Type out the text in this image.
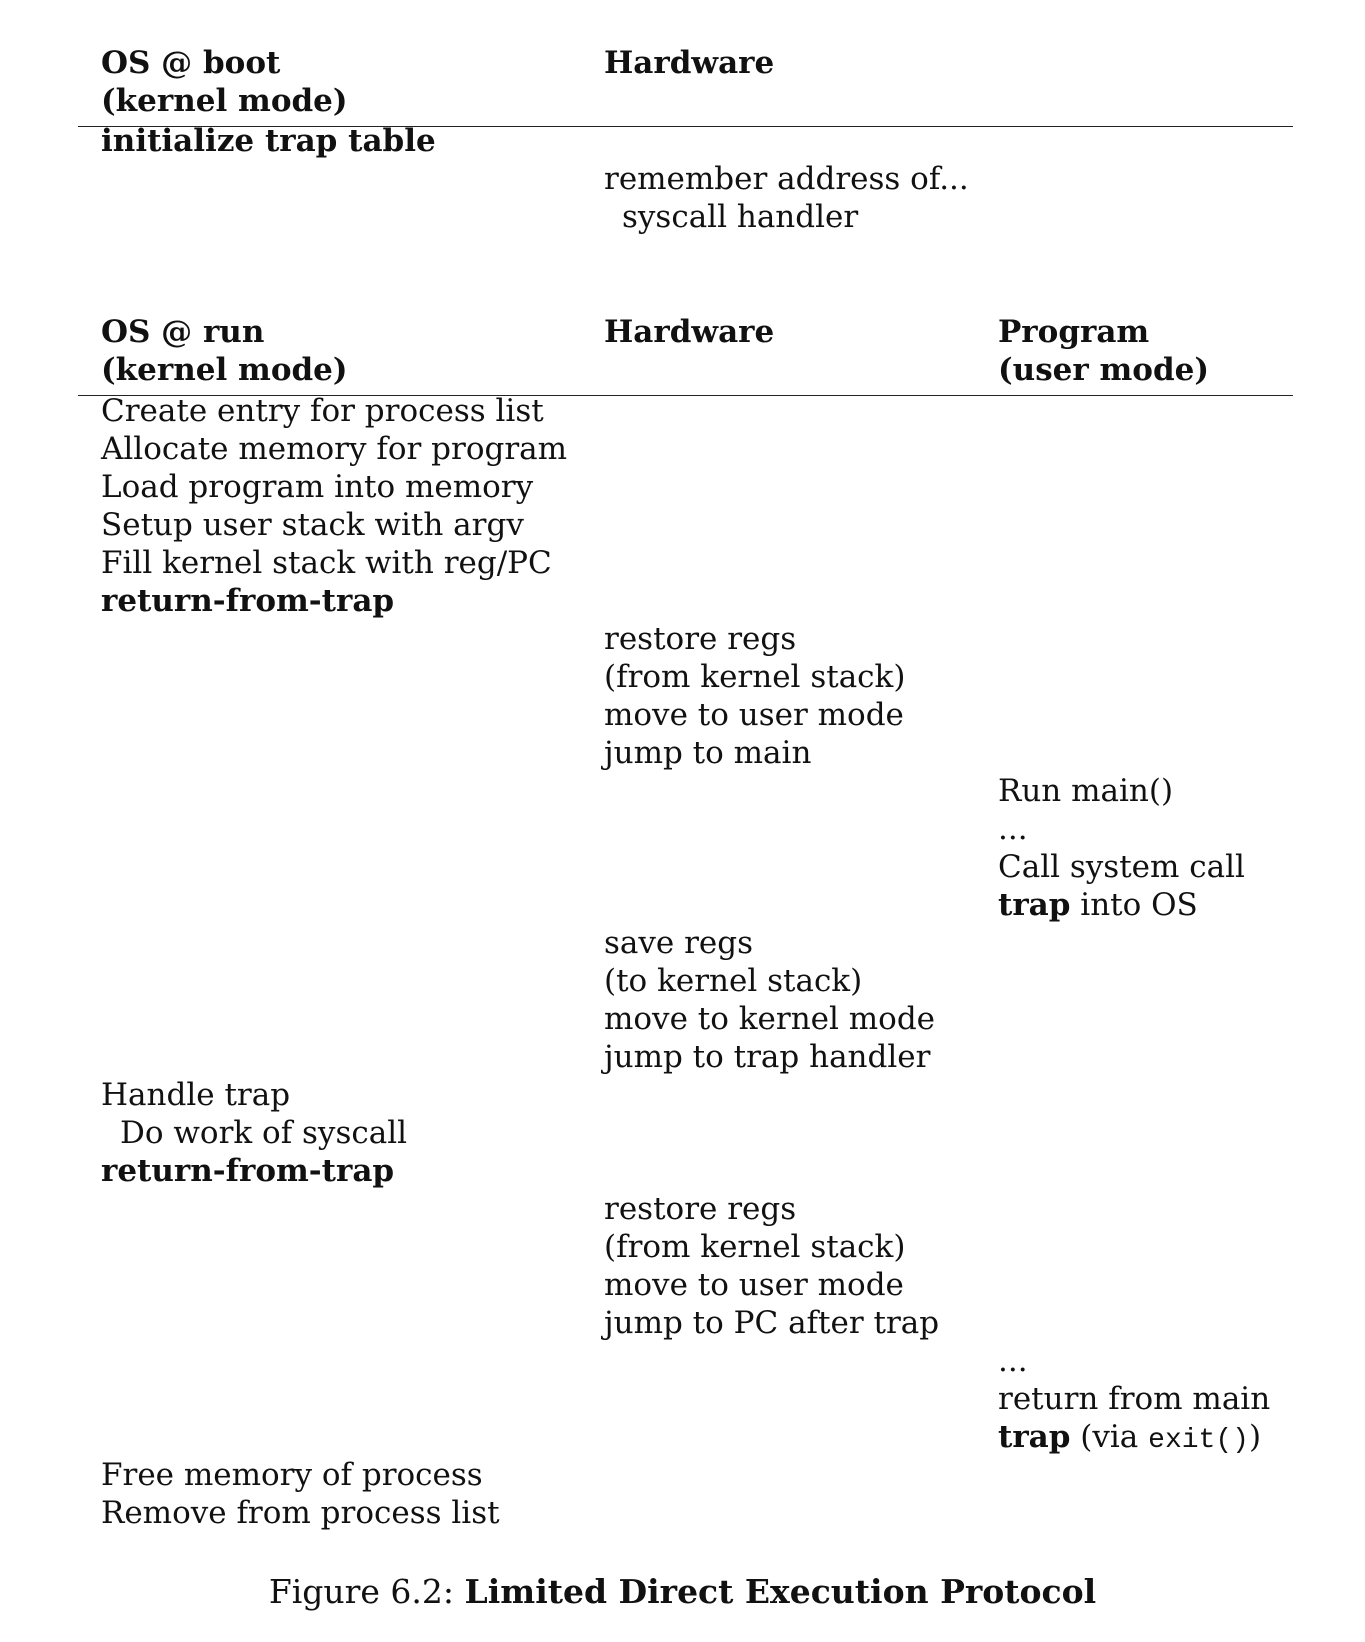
OS @ boot
(kernel mode)
Hardware
initialize trap table
remember address of...
syscall handler
OS @ run
(kernel mode)
Hardware	Program
(user mode)
Create entry for process list
Allocate memory for program
Load program into memory
Setup user stack with argv
Fill kernel stack with reg/PC
return-from-trap
restore regs
(from kernel stack)
move to user mode
jump to main
Run main()
...
Call system call
trap into OS
save regs
(to kernel stack)
move to kernel mode
jump to trap handler
Handle trap
Do work of syscall
return-from-trap
restore regs
(from kernel stack)
move to user mode
jump to PC after trap
...
return from main
trap (via exit())
Free memory of process
Remove from process list
Figure 6.2: Limited Direct Execution Protocol
